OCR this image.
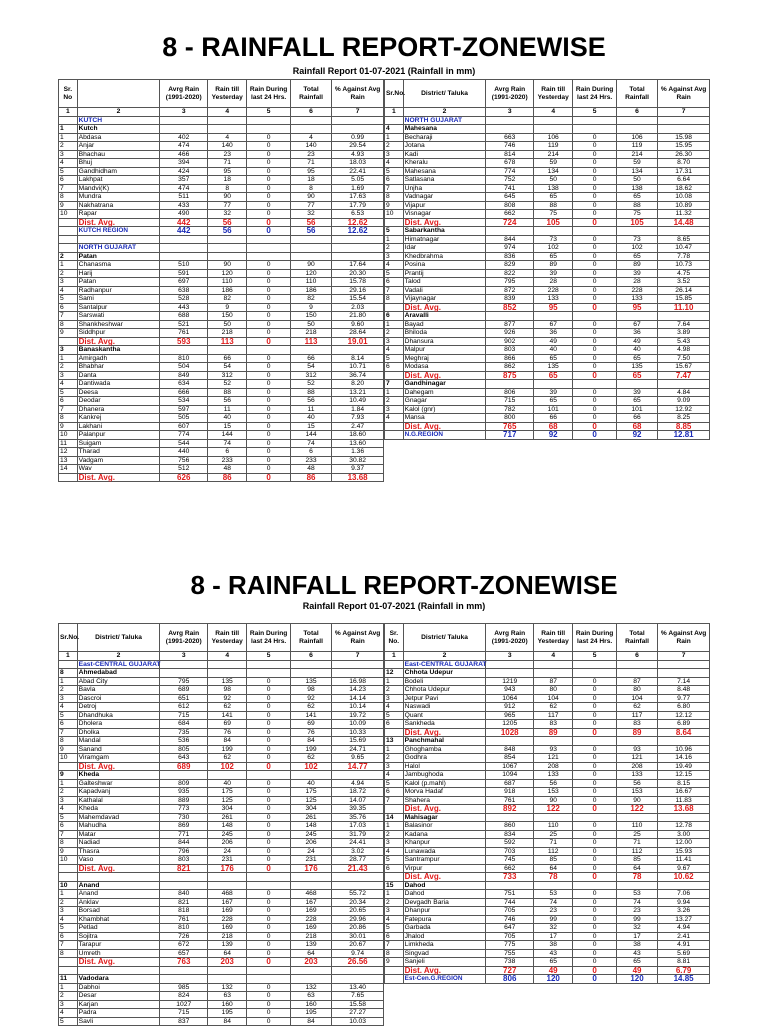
8 - RAINFALL REPORT-ZONEWISE
Rainfall Report 01-07-2021 (Rainfall in mm)
Sr. No		Avrg Rain (1991-2020)	Rain till Yesterday	Rain During last 24 Hrs.	Total Rainfall	% Against Avg Rain
1	2	3	4	5	6	7
	KUTCH					
1	Kutch					
1	Abdasa	402	4	0	4	0.99
2	Anjar	474	140	0	140	29.54
3	Bhachau	466	23	0	23	4.93
4	Bhuj	394	71	0	71	18.03
5	Gandhidham	424	95	0	95	22.41
6	Lakhpat	357	18	0	18	5.05
7	Mandvi(K)	474	8	0	8	1.69
8	Mundra	511	90	0	90	17.63
9	Nakhatrana	433	77	0	77	17.79
10	Rapar	490	32	0	32	6.53
	Dist. Avg.	442	56	0	56	12.62
	KUTCH REGION	442	56	0	56	12.62

	NORTH GUJARAT					
2	Patan					
1	Chanasma	510	90	0	90	17.64
2	Harij	591	120	0	120	20.30
3	Patan	697	110	0	110	15.78
4	Radhanpur	638	186	0	186	29.16
5	Sami	528	82	0	82	15.54
6	Santalpur	443	9	0	9	2.03
7	Sarswati	688	150	0	150	21.80
8	Shankheshwar	521	50	0	50	9.60
9	Siddhpur	761	218	0	218	28.64
	Dist. Avg.	593	113	0	113	19.01
3	Banaskantha					
1	Amirgadh	810	66	0	66	8.14
2	Bhabhar	504	54	0	54	10.71
3	Danta	849	312	0	312	36.74
4	Dantiwada	634	52	0	52	8.20
5	Deesa	666	88	0	88	13.21
6	Deodar	534	56	0	56	10.49
7	Dhanera	597	11	0	11	1.84
8	Kankrej	505	40	0	40	7.93
9	Lakhani	607	15	0	15	2.47
10	Palanpur	774	144	0	144	18.60
11	Suigam	544	74	0	74	13.60
12	Tharad	440	6	0	6	1.36
13	Vadgam	756	233	0	233	30.82
14	Wav	512	48	0	48	9.37
	Dist. Avg.	626	86	0	86	13.68
Sr.No.	District/ Taluka	Avrg Rain (1991-2020)	Rain till Yesterday	Rain During last 24 Hrs.	Total Rainfall	% Against Avg Rain
1	2	3	4	5	6	7
	NORTH GUJARAT					
4	Mahesana					
1	Becharaji	663	106	0	106	15.98
2	Jotana	746	119	0	119	15.95
3	Kadi	814	214	0	214	26.30
4	Kheralu	678	59	0	59	8.70
5	Mahesana	774	134	0	134	17.31
6	Satlasana	752	50	0	50	6.64
7	Unjha	741	138	0	138	18.62
8	Vadnagar	645	65	0	65	10.08
9	Vijapur	808	88	0	88	10.89
10	Visnagar	662	75	0	75	11.32
	Dist. Avg.	724	105	0	105	14.48
5	Sabarkantha					
1	Himatnagar	844	73	0	73	8.65
2	Idar	974	102	0	102	10.47
3	Khedbrahma	836	65	0	65	7.78
4	Posina	829	89	0	89	10.73
5	Prantij	822	39	0	39	4.75
6	Talod	795	28	0	28	3.52
7	Vadali	872	228	0	228	26.14
8	Vijaynagar	839	133	0	133	15.85
	Dist. Avg.	852	95	0	95	11.10
6	Aravalli					
1	Bayad	877	67	0	67	7.64
2	Bhiloda	926	36	0	36	3.89
3	Dhansura	902	49	0	49	5.43
4	Malpur	803	40	0	40	4.98
5	Meghraj	866	65	0	65	7.50
6	Modasa	862	135	0	135	15.67
	Dist. Avg.	875	65	0	65	7.47
7	Gandhinagar					
1	Dahegam	806	39	0	39	4.84
2	Gnagar	715	65	0	65	9.09
3	Kalol (gnr)	782	101	0	101	12.92
4	Mansa	800	66	0	66	8.25
	Dist. Avg.	765	68	0	68	8.85
	N.G.REGION	717	92	0	92	12.81
8 - RAINFALL REPORT-ZONEWISE
Rainfall Report 01-07-2021 (Rainfall in mm)
Sr.No.	District/ Taluka	Avrg Rain (1991-2020)	Rain till Yesterday	Rain During last 24 Hrs.	Total Rainfall	% Against Avg Rain
1	2	3	4	5	6	7
	East-CENTRAL GUJARAT					
8	Ahmedabad					
1	Abad City	795	135	0	135	16.98
2	Bavla	689	98	0	98	14.23
3	Dascroi	651	92	0	92	14.14
4	Detroj	612	62	0	62	10.14
5	Dhandhuka	715	141	0	141	19.72
6	Dholera	684	69	0	69	10.09
7	Dholka	735	76	0	76	10.33
8	Mandal	536	84	0	84	15.69
9	Sanand	805	199	0	199	24.71
10	Viramgam	643	62	0	62	9.65
	Dist. Avg.	689	102	0	102	14.77
9	Kheda					
1	Galteshwar	809	40	0	40	4.94
2	Kapadvanj	935	175	0	175	18.72
3	Kathalal	889	125	0	125	14.07
4	Kheda	773	304	0	304	39.35
5	Mahemdavad	730	261	0	261	35.76
6	Mahudha	869	148	0	148	17.03
7	Matar	771	245	0	245	31.79
8	Nadiad	844	206	0	206	24.41
9	Thasra	796	24	0	24	3.02
10	Vaso	803	231	0	231	28.77
	Dist. Avg.	821	176	0	176	21.43

10	Anand					
1	Anand	840	468	0	468	55.72
2	Anklav	821	167	0	167	20.34
3	Borsad	818	169	0	169	20.65
4	Khambhat	761	228	0	228	29.96
5	Petlad	810	169	0	169	20.86
6	Sojitra	726	218	0	218	30.01
7	Tarapur	672	139	0	139	20.67
8	Umreth	657	64	0	64	9.74
	Dist. Avg.	763	203	0	203	26.56

11	Vadodara					
1	Dabhoi	985	132	0	132	13.40
2	Desar	824	63	0	63	7.65
3	Karjan	1027	160	0	160	15.58
4	Padra	715	195	0	195	27.27
5	Savli	837	84	0	84	10.03
Sr. No.	District/ Taluka	Avrg Rain (1991-2020)	Rain till Yesterday	Rain During last 24 Hrs.	Total Rainfall	% Against Avg Rain
1	2	3	4	5	6	7
	East-CENTRAL GUJARAT					
12	Chhota Udepur					
1	Bodeli	1219	87	0	87	7.14
2	Chhota Udepur	943	80	0	80	8.48
3	Jetpur Pavi	1064	104	0	104	9.77
4	Naswadi	912	62	0	62	6.80
5	Quant	965	117	0	117	12.12
6	Sankheda	1205	83	0	83	6.89
	Dist. Avg.	1028	89	0	89	8.64
13	Panchmahal					
1	Ghoghamba	848	93	0	93	10.96
2	Godhra	854	121	0	121	14.16
3	Halol	1067	208	0	208	19.49
4	Jambughoda	1094	133	0	133	12.15
5	Kalol (p.mahl)	687	56	0	56	8.15
6	Morva Hadaf	918	153	0	153	16.67
7	Shahera	761	90	0	90	11.83
	Dist. Avg.	892	122	0	122	13.68
14	Mahisagar					
1	Balasinor	860	110	0	110	12.78
2	Kadana	834	25	0	25	3.00
3	Khanpur	592	71	0	71	12.00
4	Lunawada	703	112	0	112	15.93
5	Santrampur	745	85	0	85	11.41
6	Virpur	662	64	0	64	9.67
	Dist. Avg.	733	78	0	78	10.62
15	Dahod					
1	Dahod	751	53	0	53	7.06
2	Devgadh Baria	744	74	0	74	9.94
3	Dhanpur	705	23	0	23	3.26
4	Fatepura	746	99	0	99	13.27
5	Garbada	647	32	0	32	4.94
6	Jhalod	705	17	0	17	2.41
7	Limkheda	775	38	0	38	4.91
8	Singvad	755	43	0	43	5.69
9	Sanjeli	738	65	0	65	8.81
	Dist. Avg.	727	49	0	49	6.79
	Est-Cen.G.REGION	806	120	0	120	14.85
